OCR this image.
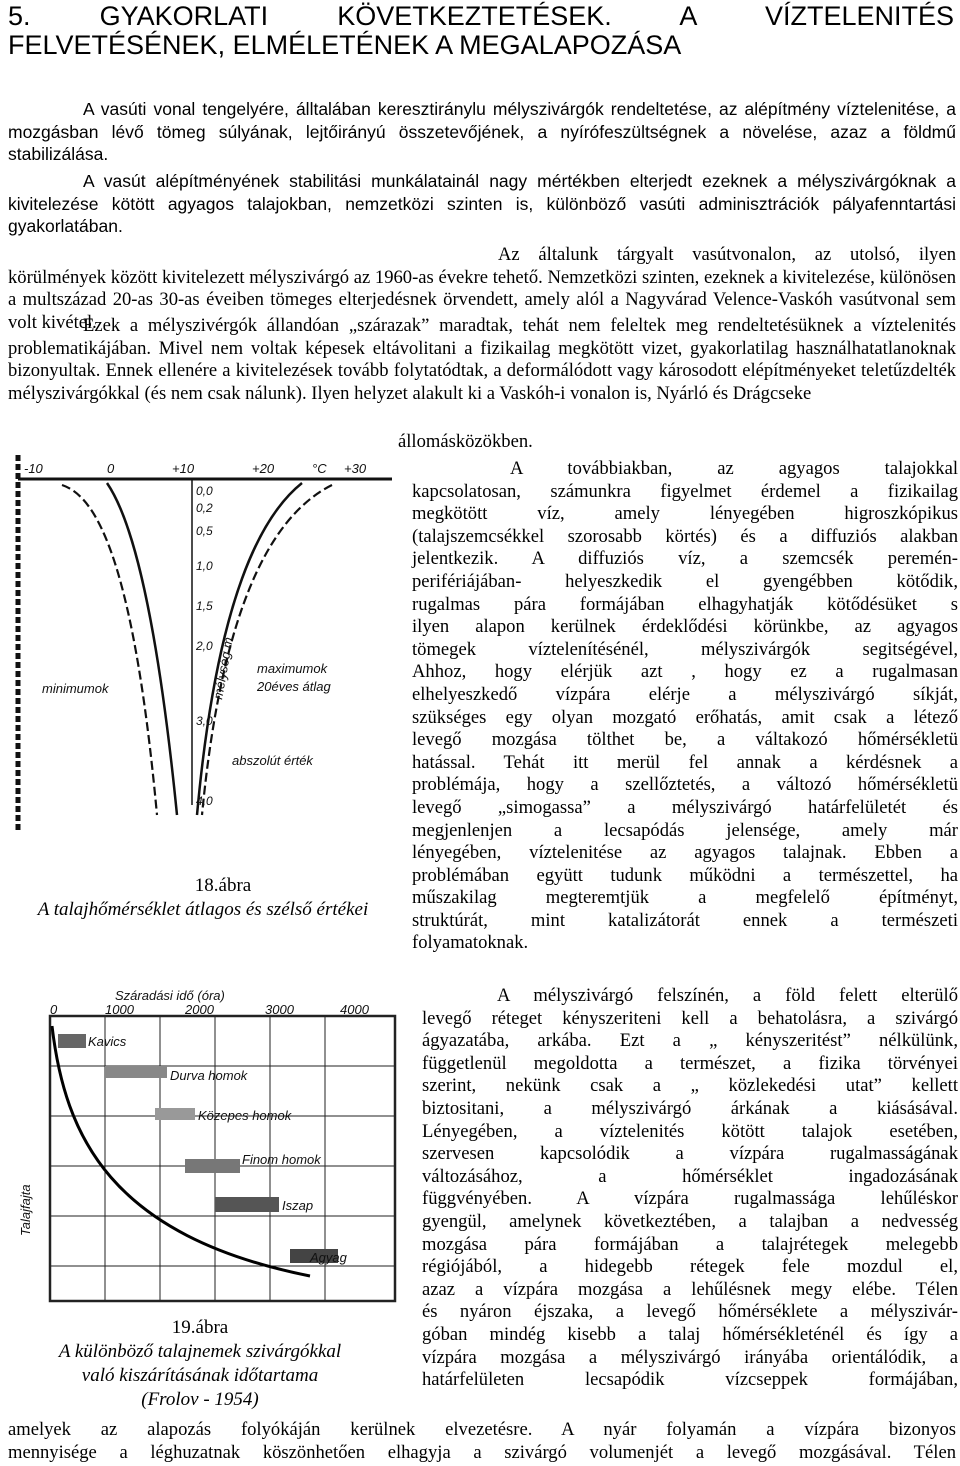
5. GYAKORLATI KÖVETKEZTETÉSEK. A VÍZTELENITÉS
FELVETÉSÉNEK, ELMÉLETÉNEK A MEGALAPOZÁSA
A vasúti vonal tengelyére, álltalában keresztiránylu mélyszivárgók rendeltetése, az alépítmény víztelenitése, a mozgásban lévő tömeg súlyának, lejtőirányú összetevőjének, a nyírófeszültségnek a növelése, azaz a földmű stabilizálása.
A vasút alépítményének stabilitási munkálatainál nagy mértékben elterjedt ezeknek a mélyszivárgóknak a kivitelezése kötött agyagos talajokban, nemzetközi szinten is, különböző vasúti adminisztrációk pályafenntartási gyakorlatában.
Az általunk tárgyalt vasútvonalon, az utolsó, ilyen körülmények között kivitelezett mélyszivárgó az 1960-as évekre tehető. Nemzetközi szinten, ezeknek a kivitelezése, különösen a multszázad 20-as 30-as éveiben tömeges elterjedésnek örvendett, amely alól a Nagyvárad Velence-Vaskóh vasútvonal sem volt kivétel.
Ezek a mélyszivérgók állandóan „szárazak” maradtak, tehát nem feleltek meg rendeltetésüknek a víztelenités problematikájában. Mivel nem voltak képesek eltávolitani a fizikailag megkötött vizet, gyakorlatilag használhatatlanoknak bizonyultak. Ennek ellenére a kivitelezések tovább folytatódtak, a deformálódott vagy károsodott elépítményeket teletűzdelték mélyszivárgókkal (és nem csak nálunk). Ilyen helyzet alakult ki a Vaskóh-i vonalon is, Nyárló és Drágcseke
állomásközökben.
-10	0	+10	+20	°C +30
0,0
0,2
0,5
1,0
1,5
2,0
3,0
4,0
mélység m
minimumok
maximumok
20éves átlag
abszolút érték
18.ábra
A talajhőmérséklet átlagos és szélső értékei
Száradási idő (óra)
0	1000	2000	3000	4000
Talajfajta
Kavics
Durva homok
Közepes homok
Finom homok
Iszap
Agyag
19.ábra
A különböző talajnemek szivárgókkal
való kiszárításának időtartama
(Frolov - 1954)
A továbbiakban, az agyagos talajokkal
kapcsolatosan, számunkra figyelmet érdemel a fizikailag
megkötött víz, amely lényegében higroszkópikus
(talajszemcsékkel szorosabb körtés) és a diffuziós alakban
jelentkezik. A diffuziós víz, a szemcsék peremén-
perifériájában- helyeszkedik el gyengébben kötődik,
rugalmas pára formájában elhagyhatják kötődésüket s
ilyen alapon kerülnek érdeklődési körünkbe, az agyagos
tömegek víztelenítésénél, mélyszivárgók segitségével,
Ahhoz, hogy elérjük azt , hogy ez a rugalmasan
elhelyeszkedő vízpára elérje a mélyszivárgó síkját,
szükséges egy olyan mozgató erőhatás, amit csak a létező
levegő mozgása tölthet be, a váltakozó hőmérsékletü
hatással. Tehát itt merül fel annak a kérdésnek a
problémája, hogy a szellőztetés, a változó hőmérsékletü
levegő „simogassa” a mélyszivárgó határfelületét és
megjenlenjen a lecsapódás jelensége, amely már
lényegében, víztelenitése az agyagos talajnak. Ebben a
problémában együtt tudunk működni a természettel, ha
műszakilag megteremtjük a megfelelő építményt,
struktúrát, mint katalizátorát ennek a természeti
folyamatoknak.
A mélyszivárgó felszínén, a föld felett elterülő
levegő réteget kényszeriteni kell a behatolásra, a szivárgó
ágyazatába, arkába. Ezt a „ kényszeritést” nélkülünk,
függetlenül megoldotta a természet, a fizika törvényei
szerint, nekünk csak a „ közlekedési utat” kellett
biztositani, a mélyszivárgó árkának a kiásásával.
Lényegében, a víztelenités kötött talajok esetében,
szervesen kapcsolódik a vízpára rugalmasságának
változásához, a hőmérséklet ingadozásának
függvényében. A vízpára rugalmassága lehűléskor
gyengül, amelynek következtében, a talajban a nedvesség
mozgása pára formájában a talajrétegek melegebb
régiójából, a hidegebb rétegek fele mozdul el,
azaz a vízpára mozgása a lehűlésnek megy elébe. Télen
és nyáron éjszaka, a levegő hőmérséklete a mélyszivár-
góban mindég kisebb a talaj hőmérsékleténél és így a
vízpára mozgása a mélyszivárgó irányába orientálódik, a
határfelületen lecsapódik vízcseppek formájában,
amelyek az alapozás folyókáján kerülnek elvezetésre. A nyár folyamán a vízpára bizonyos
mennyisége a léghuzatnak köszönhetően elhagyja a szivárgó volumenjét a levegő mozgásával. Télen
